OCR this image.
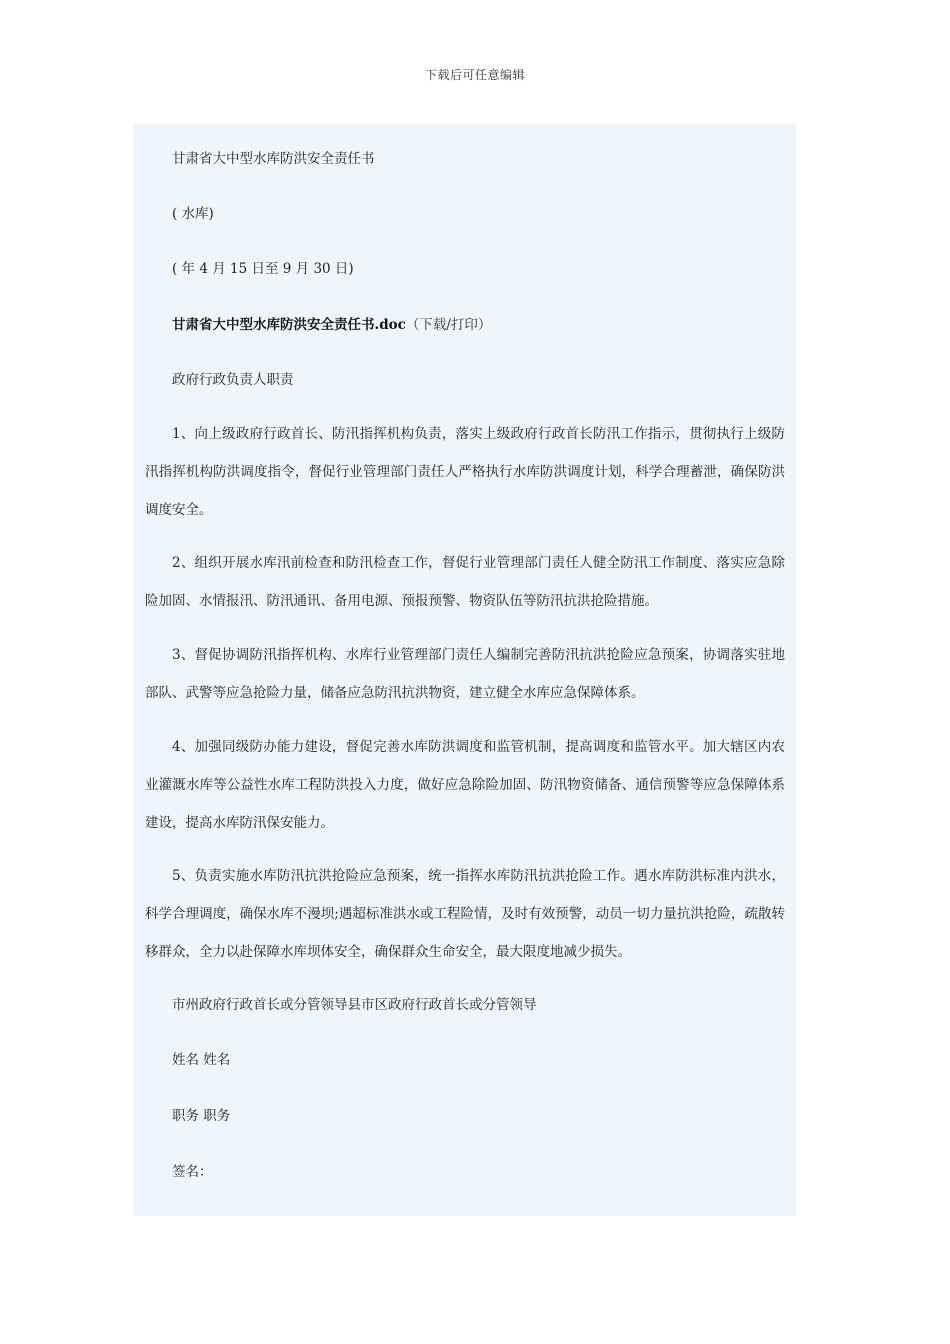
下载后可任意编辑
甘肃省大中型水库防洪安全责任书
( 水库)
( 年 4 月 15 日至 9 月 30 日)
甘肃省大中型水库防洪安全责任书.doc（下载/打印）
政府行政负责人职责
1、向上级政府行政首长、防汛指挥机构负责，落实上级政府行政首长防汛工作指示，贯彻执行上级防汛指挥机构防洪调度指令，督促行业管理部门责任人严格执行水库防洪调度计划，科学合理蓄泄，确保防洪调度安全。
2、组织开展水库汛前检查和防汛检查工作，督促行业管理部门责任人健全防汛工作制度、落实应急除险加固、水情报汛、防汛通讯、备用电源、预报预警、物资队伍等防汛抗洪抢险措施。
3、督促协调防汛指挥机构、水库行业管理部门责任人编制完善防汛抗洪抢险应急预案，协调落实驻地部队、武警等应急抢险力量，储备应急防汛抗洪物资，建立健全水库应急保障体系。
4、加强同级防办能力建设，督促完善水库防洪调度和监管机制，提高调度和监管水平。加大辖区内农业灌溉水库等公益性水库工程防洪投入力度，做好应急除险加固、防汛物资储备、通信预警等应急保障体系建设，提高水库防汛保安能力。
5、负责实施水库防汛抗洪抢险应急预案，统一指挥水库防汛抗洪抢险工作。遇水库防洪标准内洪水，科学合理调度，确保水库不漫坝;遇超标准洪水或工程险情，及时有效预警，动员一切力量抗洪抢险，疏散转移群众，全力以赴保障水库坝体安全，确保群众生命安全，最大限度地减少损失。
市州政府行政首长或分管领导县市区政府行政首长或分管领导
姓名 姓名
职务 职务
签名：
